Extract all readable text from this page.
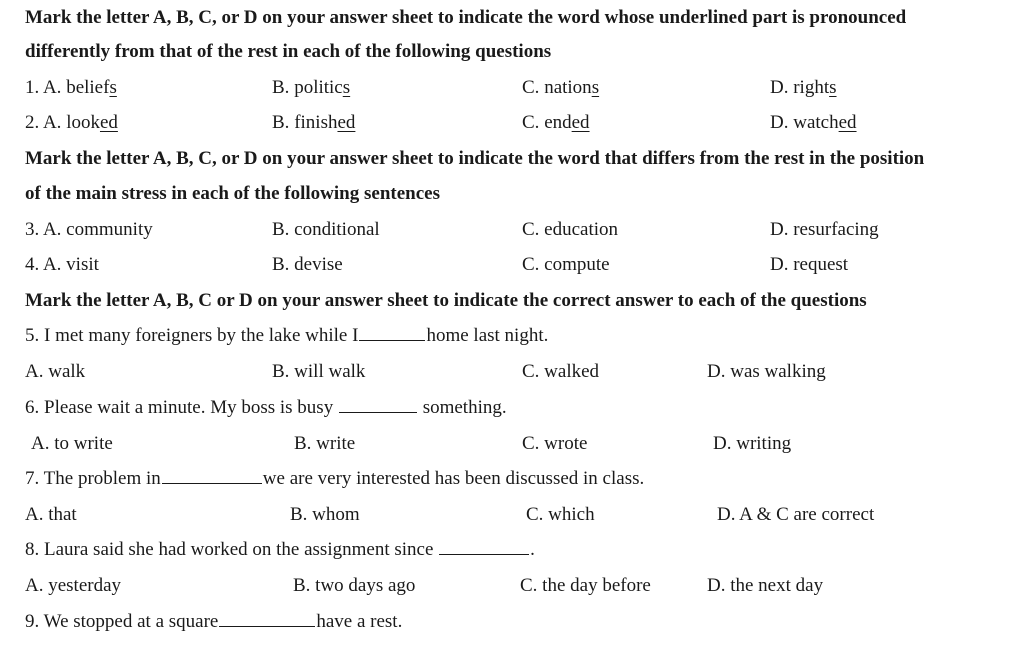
Mark the letter A, B, C, or D on your answer sheet to indicate the word whose underlined part is pronounced
differently from that of the rest in each of the following questions
1. A. beliefs	B. politics	C. nations	D. rights
2. A. looked	B. finished	C. ended	D. watched
Mark the letter A, B, C, or D on your answer sheet to indicate the word that differs from the rest in the position
of the main stress in each of the following sentences
3. A. community	B. conditional	C. education	D. resurfacing
4. A. visit	B. devise	C. compute	D. request
Mark the letter A, B, C or D on your answer sheet to indicate the correct answer to each of the questions
5. I met many foreigners by the lake while I	home last night.
A. walk	B. will walk	C. walked	D. was walking
6. Please wait a minute. My boss is busy	something.
A. to write	B. write	C. wrote	D. writing
7. The problem in	we are very interested has been discussed in class.
A. that	B. whom	C. which	D. A & C are correct
8. Laura said she had worked on the assignment since	.
A. yesterday	B. two days ago	C. the day before	D. the next day
9. We stopped at a square	have a rest.
